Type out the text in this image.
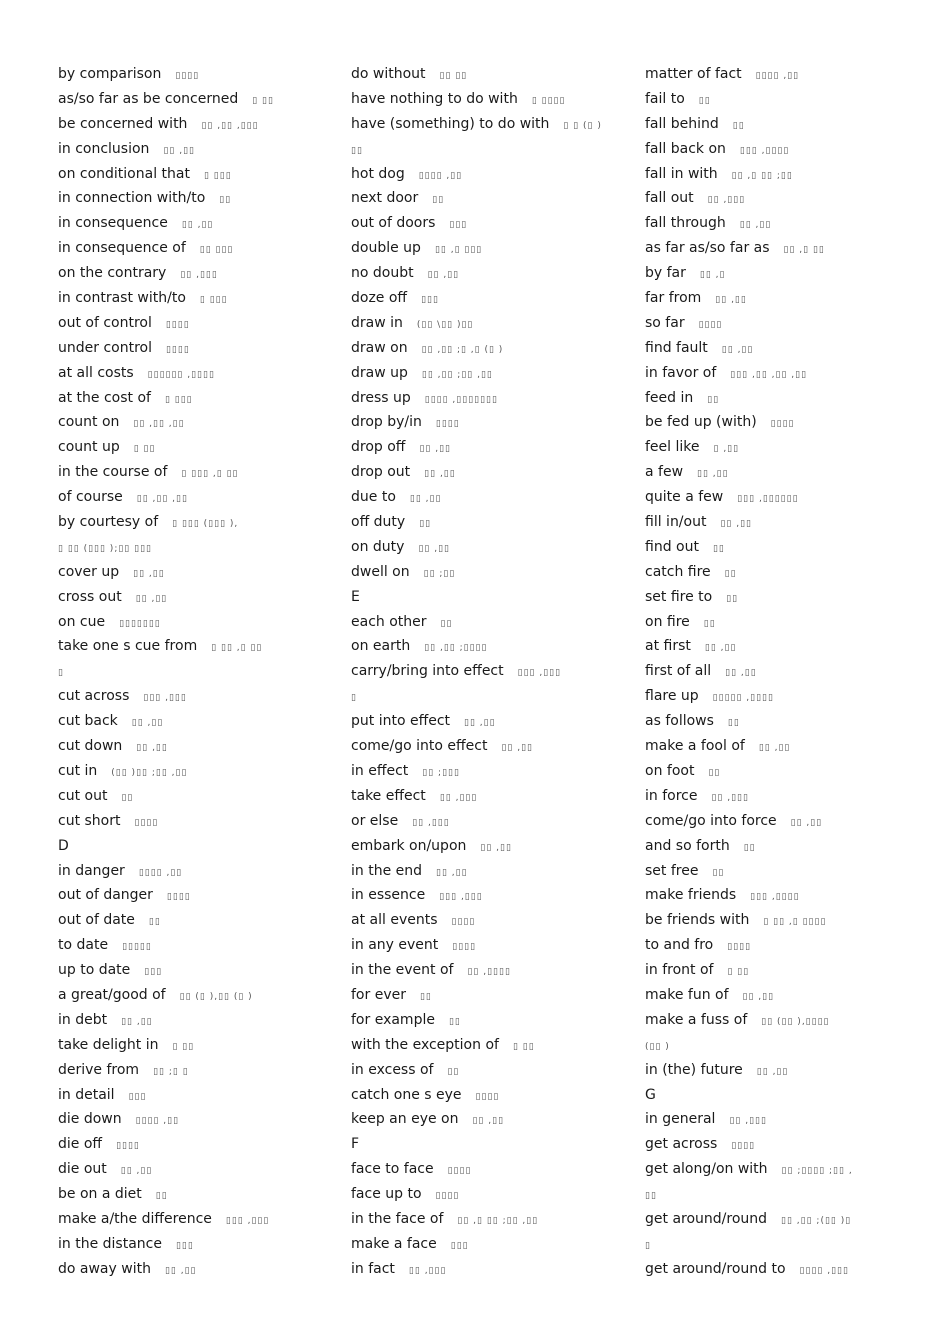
by comparison ▯▯▯▯
as/so far as be concerned ▯ ▯▯
be concerned with ▯▯ ,▯▯ ,▯▯▯
in conclusion ▯▯ ,▯▯
on conditional that ▯ ▯▯▯
in connection with/to ▯▯
in consequence ▯▯ ,▯▯
in consequence of ▯▯ ▯▯▯
on the contrary ▯▯ ,▯▯▯
in contrast with/to ▯ ▯▯▯
out of control ▯▯▯▯
under control ▯▯▯▯
at all costs ▯▯▯▯▯▯ ,▯▯▯▯
at the cost of ▯ ▯▯▯
count on ▯▯ ,▯▯ ,▯▯
count up ▯ ▯▯
in the course of ▯ ▯▯▯ ,▯ ▯▯
of course ▯▯ ,▯▯ ,▯▯
by courtesy of ▯ ▯▯▯ (▯▯▯ ),
▯ ▯▯ (▯▯▯ );▯▯ ▯▯▯
cover up ▯▯ ,▯▯
cross out ▯▯ ,▯▯
on cue ▯▯▯▯▯▯▯
take one s cue from ▯ ▯▯ ,▯ ▯▯
▯
cut across ▯▯▯ ,▯▯▯
cut back ▯▯ ,▯▯
cut down ▯▯ ,▯▯
cut in (▯▯ )▯▯ ;▯▯ ,▯▯
cut out ▯▯
cut short ▯▯▯▯
D
in danger ▯▯▯▯ ,▯▯
out of danger ▯▯▯▯
out of date ▯▯
to date ▯▯▯▯▯
up to date ▯▯▯
a great/good of ▯▯ (▯ ),▯▯ (▯ )
in debt ▯▯ ,▯▯
take delight in ▯ ▯▯
derive from ▯▯ ;▯ ▯
in detail ▯▯▯
die down ▯▯▯▯ ,▯▯
die off ▯▯▯▯
die out ▯▯ ,▯▯
be on a diet ▯▯
make a/the difference ▯▯▯ ,▯▯▯
in the distance ▯▯▯
do away with ▯▯ ,▯▯
do without ▯▯ ▯▯
have nothing to do with ▯ ▯▯▯▯
have (something) to do with ▯ ▯ (▯ )
▯▯
hot dog ▯▯▯▯ ,▯▯
next door ▯▯
out of doors ▯▯▯
double up ▯▯ ,▯ ▯▯▯
no doubt ▯▯ ,▯▯
doze off ▯▯▯
draw in (▯▯ \▯▯ )▯▯
draw on ▯▯ ,▯▯ ;▯ ,▯ (▯ )
draw up ▯▯ ,▯▯ ;▯▯ ,▯▯
dress up ▯▯▯▯ ,▯▯▯▯▯▯▯
drop by/in ▯▯▯▯
drop off ▯▯ ,▯▯
drop out ▯▯ ,▯▯
due to ▯▯ ,▯▯
off duty ▯▯
on duty ▯▯ ,▯▯
dwell on ▯▯ ;▯▯
E
each other ▯▯
on earth ▯▯ ,▯▯ ;▯▯▯▯
carry/bring into effect ▯▯▯ ,▯▯▯
▯
put into effect ▯▯ ,▯▯
come/go into effect ▯▯ ,▯▯
in effect ▯▯ ;▯▯▯
take effect ▯▯ ,▯▯▯
or else ▯▯ ,▯▯▯
embark on/upon ▯▯ ,▯▯
in the end ▯▯ ,▯▯
in essence ▯▯▯ ,▯▯▯
at all events ▯▯▯▯
in any event ▯▯▯▯
in the event of ▯▯ ,▯▯▯▯
for ever ▯▯
for example ▯▯
with the exception of ▯ ▯▯
in excess of ▯▯
catch one s eye ▯▯▯▯
keep an eye on ▯▯ ,▯▯
F
face to face ▯▯▯▯
face up to ▯▯▯▯
in the face of ▯▯ ,▯ ▯▯ ;▯▯ ,▯▯
make a face ▯▯▯
in fact ▯▯ ,▯▯▯
matter of fact ▯▯▯▯ ,▯▯
fail to ▯▯
fall behind ▯▯
fall back on ▯▯▯ ,▯▯▯▯
fall in with ▯▯ ,▯ ▯▯ ;▯▯
fall out ▯▯ ,▯▯▯
fall through ▯▯ ,▯▯
as far as/so far as ▯▯ ,▯ ▯▯
by far ▯▯ ,▯
far from ▯▯ ,▯▯
so far ▯▯▯▯
find fault ▯▯ ,▯▯
in favor of ▯▯▯ ,▯▯ ,▯▯ ,▯▯
feed in ▯▯
be fed up (with) ▯▯▯▯
feel like ▯ ,▯▯
a few ▯▯ ,▯▯
quite a few ▯▯▯ ,▯▯▯▯▯▯
fill in/out ▯▯ ,▯▯
find out ▯▯
catch fire ▯▯
set fire to ▯▯
on fire ▯▯
at first ▯▯ ,▯▯
first of all ▯▯ ,▯▯
flare up ▯▯▯▯▯ ,▯▯▯▯
as follows ▯▯
make a fool of ▯▯ ,▯▯
on foot ▯▯
in force ▯▯ ,▯▯▯
come/go into force ▯▯ ,▯▯
and so forth ▯▯
set free ▯▯
make friends ▯▯▯ ,▯▯▯▯
be friends with ▯ ▯▯ ,▯ ▯▯▯▯
to and fro ▯▯▯▯
in front of ▯ ▯▯
make fun of ▯▯ ,▯▯
make a fuss of ▯▯ (▯▯ ),▯▯▯▯
(▯▯ )
in (the) future ▯▯ ,▯▯
G
in general ▯▯ ,▯▯▯
get across ▯▯▯▯
get along/on with ▯▯ ;▯▯▯▯ ;▯▯ ,
▯▯
get around/round ▯▯ ,▯▯ ;(▯▯ )▯
▯
get around/round to ▯▯▯▯ ,▯▯▯
